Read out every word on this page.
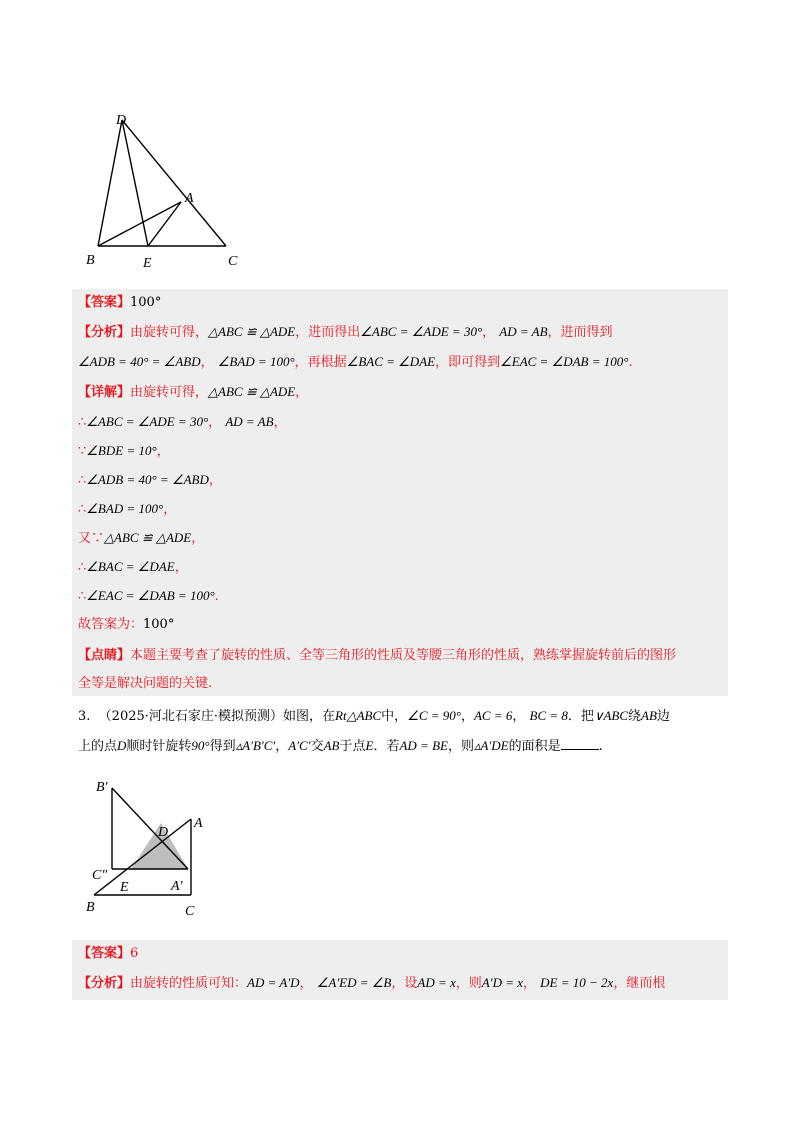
D
A
B	E	C
【答案】100°
【分析】由旋转可得，△ABC ≌ △ADE，进而得出∠ABC = ∠ADE = 30°， AD = AB，进而得到
∠ADB = 40° = ∠ABD， ∠BAD = 100°，再根据∠BAC = ∠DAE，即可得到∠EAC = ∠DAB = 100°.
【详解】由旋转可得，△ABC ≌ △ADE，
∴∠ABC = ∠ADE = 30°， AD = AB，
∵∠BDE = 10°，
∴∠ADB = 40° = ∠ABD，
∴∠BAD = 100°，
又∵△ABC ≌ △ADE，
∴∠BAC = ∠DAE，
∴∠EAC = ∠DAB = 100°.
故答案为：100°
【点睛】本题主要考查了旋转的性质、全等三角形的性质及等腰三角形的性质，熟练掌握旋转前后的图形
全等是解决问题的关键.
3. （2025·河北石家庄·模拟预测）如图，在Rt△ABC中，∠C = 90°，AC = 6， BC = 8．把∨ABC绕AB边
上的点D顺时针旋转90°得到▵A′B′C′，A′C′交AB于点E．若AD = BE，则▵A′DE的面积是	.
B′
D
A
C″
E	A′
B	C
【答案】6
【分析】由旋转的性质可知：AD = A′D， ∠A′ED = ∠B，设AD = x，则A′D = x， DE = 10 − 2x，继而根
